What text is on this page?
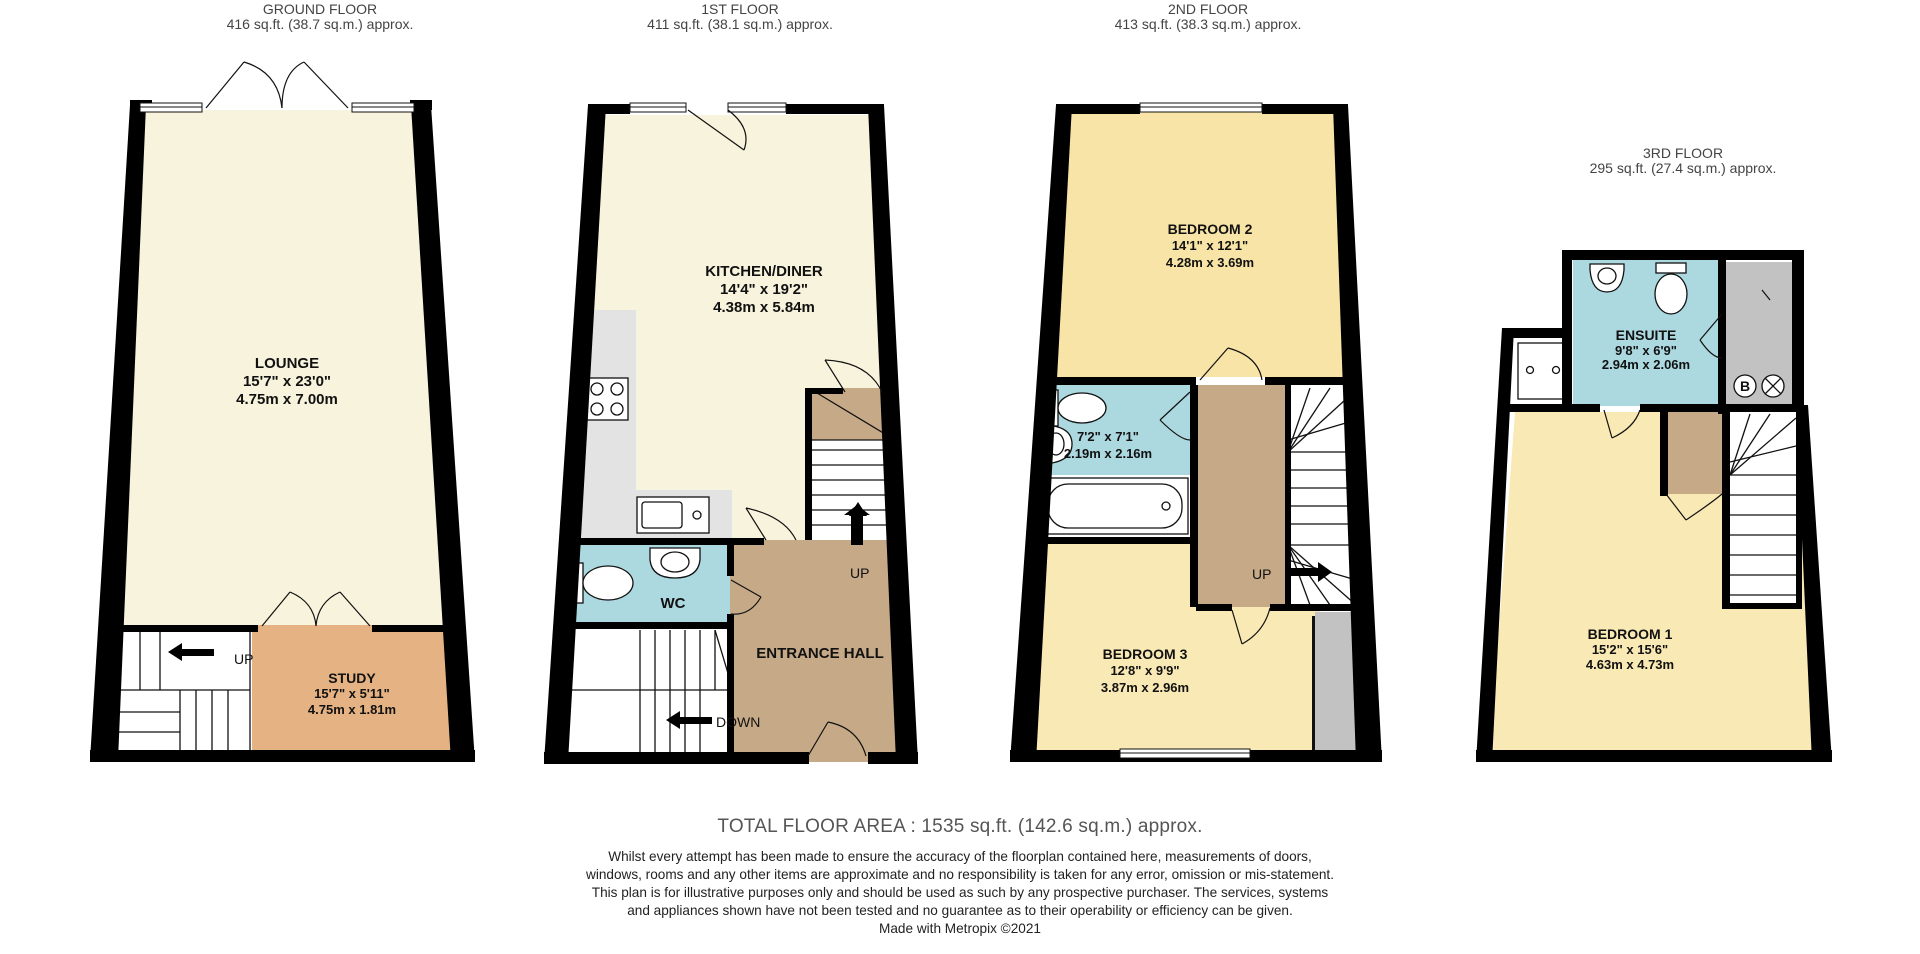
GROUND FLOOR
416 sq.ft. (38.7 sq.m.) approx.
1ST FLOOR
411 sq.ft. (38.1 sq.m.) approx.
2ND FLOOR
413 sq.ft. (38.3 sq.m.) approx.
3RD FLOOR
295 sq.ft. (27.4 sq.m.) approx.
LOUNGE
15'7" x 23'0"
4.75m x 7.00m
STUDY
15'7" x 5'11"
4.75m x 1.81m
UP
KITCHEN/DINER
14'4" x 19'2"
4.38m x 5.84m
WC
ENTRANCE HALL
UP
DOWN
BEDROOM 2
14'1" x 12'1"
4.28m x 3.69m
7'2" x 7'1"
2.19m x 2.16m
BEDROOM 3
12'8" x 9'9"
3.87m x 2.96m
UP
B
ENSUITE
9'8" x 6'9"
2.94m x 2.06m
BEDROOM 1
15'2" x 15'6"
4.63m x 4.73m
TOTAL FLOOR AREA : 1535 sq.ft. (142.6 sq.m.) approx.
Whilst every attempt has been made to ensure the accuracy of the floorplan contained here, measurements of doors, windows, rooms and any other items are approximate and no responsibility is taken for any error, omission or mis-statement. This plan is for illustrative purposes only and should be used as such by any prospective purchaser. The services, systems and appliances shown have not been tested and no guarantee as to their operability or efficiency can be given.
Made with Metropix ©2021
